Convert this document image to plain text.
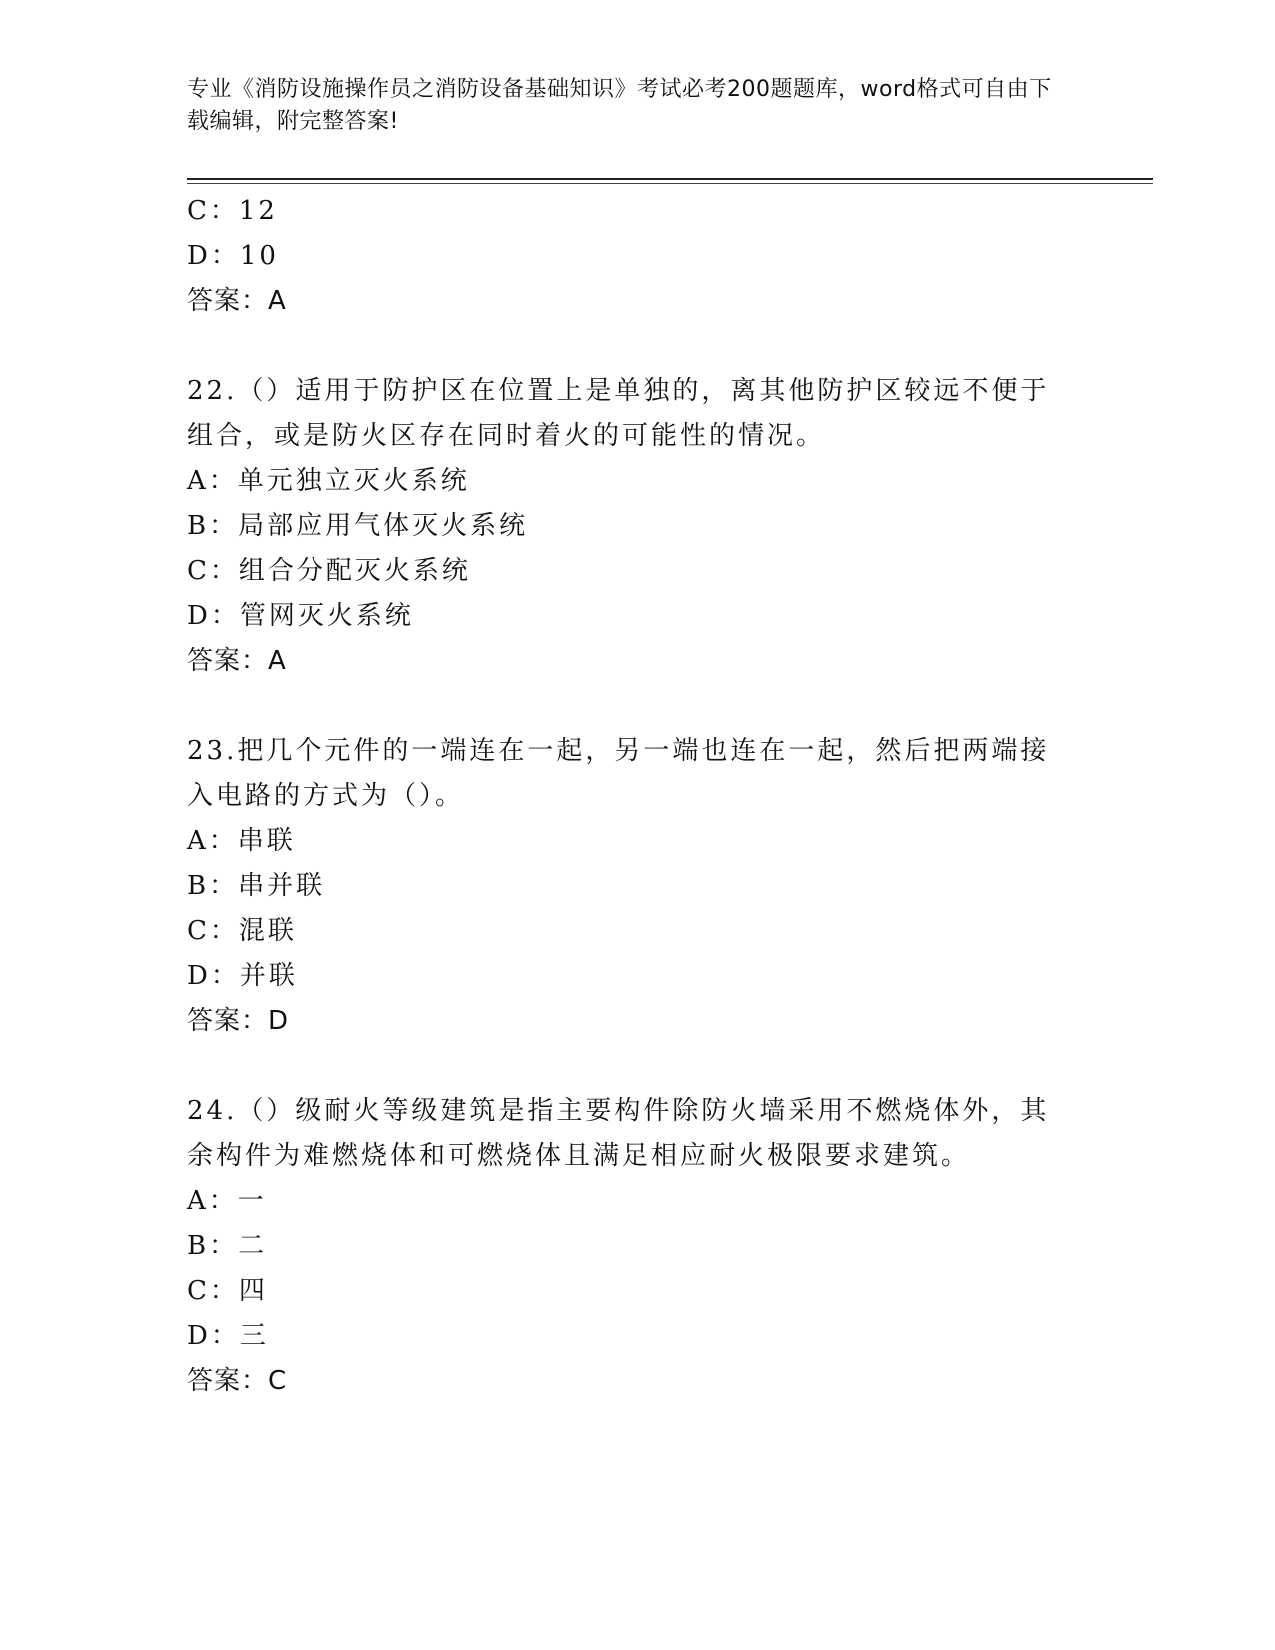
专业《消防设施操作员之消防设备基础知识》考试必考200题题库，word格式可自由下载编辑，附完整答案!

C：12

D：10

答案：A

22.（）适用于防护区在位置上是单独的，离其他防护区较远不便于组合，或是防火区存在同时着火的可能性的情况。

A：单元独立灭火系统

B：局部应用气体灭火系统

C：组合分配灭火系统

D：管网灭火系统

答案：A

23.把几个元件的一端连在一起，另一端也连在一起，然后把两端接入电路的方式为（）。

A：串联

B：串并联

C：混联

D：并联

答案：D

24.（）级耐火等级建筑是指主要构件除防火墙采用不燃烧体外，其余构件为难燃烧体和可燃烧体且满足相应耐火极限要求建筑。

A：一

B：二

C：四

D：三

答案：C
